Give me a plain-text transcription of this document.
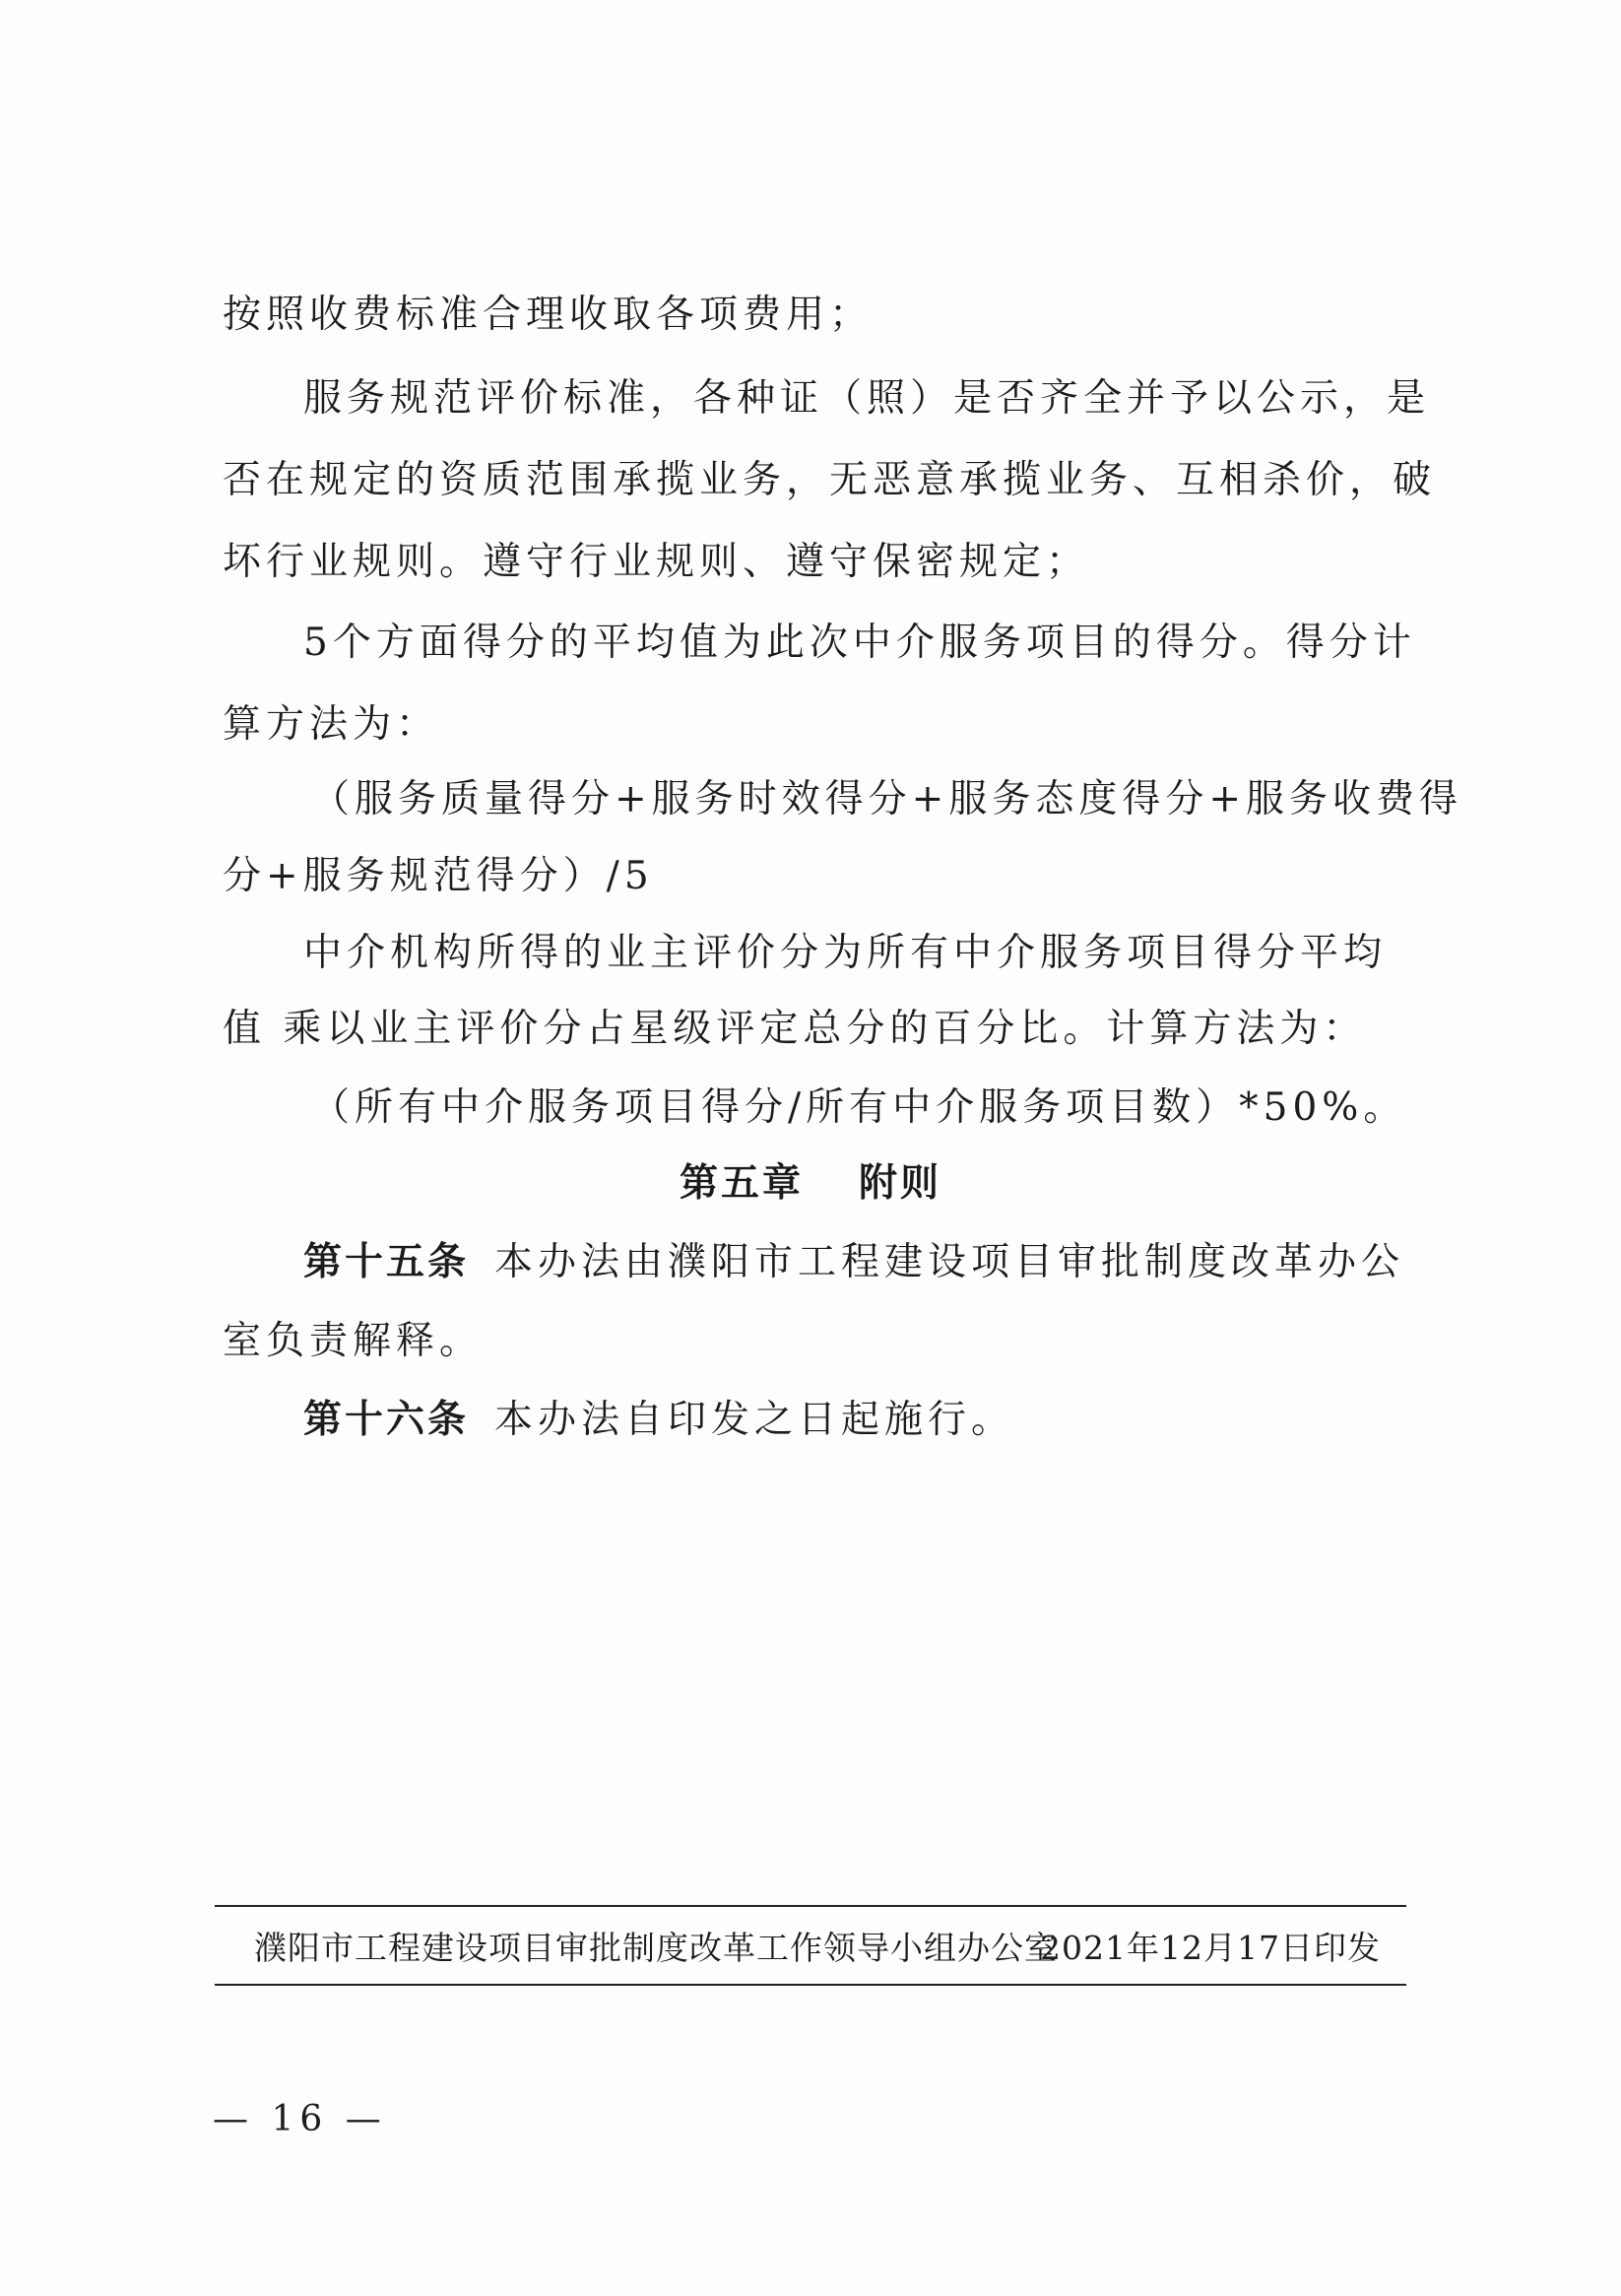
按照收费标准合理收取各项费用；
服务规范评价标准，各种证（照）是否齐全并予以公示，是
否在规定的资质范围承揽业务，无恶意承揽业务、互相杀价，破
坏行业规则。遵守行业规则、遵守保密规定；
5个方面得分的平均值为此次中介服务项目的得分。得分计
算方法为：
（服务质量得分+服务时效得分+服务态度得分+服务收费得
分+服务规范得分）/5
中介机构所得的业主评价分为所有中介服务项目得分平均
值 乘以业主评价分占星级评定总分的百分比。计算方法为：
（所有中介服务项目得分/所有中介服务项目数）*50%。
第五章 附则
第十五条 本办法由濮阳市工程建设项目审批制度改革办公
室负责解释。
第十六条 本办法自印发之日起施行。
濮阳市工程建设项目审批制度改革工作领导小组办公室
2021年12月17日印发
— 16 —
